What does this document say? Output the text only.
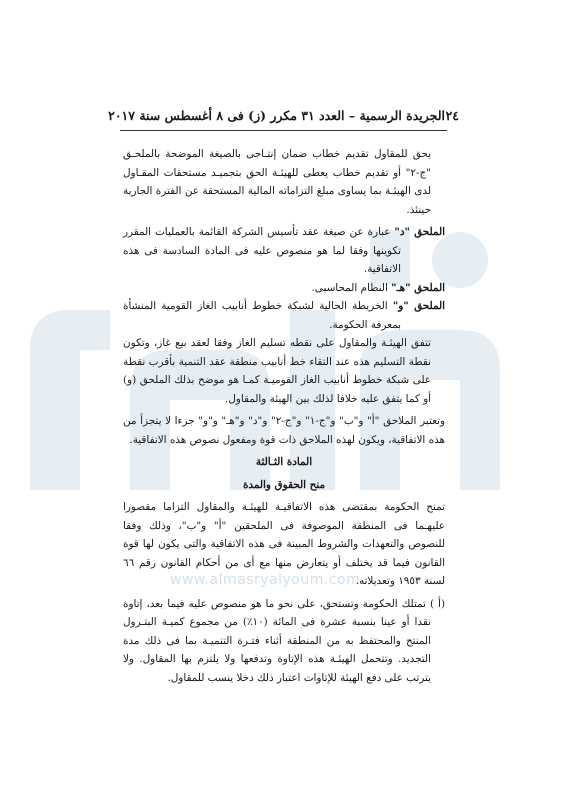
www.almasryalyoum.com
٢٤
الجريدة الرسمية – العدد ٣١ مكرر (ز) فى ٨ أغسطس سنة ٢٠١٧

يحق للمقاول تقديم خطاب ضمان إنتـاجى بالصيغة الموضحة بالملحـق "ج-٢" أو تقديم خطاب يعطى للهيئـة الحق بتجميـد مستحقات المقـاول لدى الهيئـة بما يساوى مبلغ التزاماته المالية المستحقة عن الفترة الجارية حينئذ.

الملحق "د" عبارة عن صيغة عقد تأسيس الشركة القائمة بالعمليات المقرر تكوينها وفقا لما هو منصوص عليه فى المادة السادسة فى هذه الاتفاقية.

الملحق "هـ" النظام المحاسبى.

الملحق "و" الخريطة الحالية لشبكة خطوط أنابيب الغاز القومية المنشأة بمعرفة الحكومة.

تتفق الهيئـة والمقاول على نقطه تسليم الغاز وفقا لعقد بيع غاز، وتكون نقطة التسليم هذه عند التقاء خط أنابيب منطقة عقد التنمية بأقرب نقطة على شبكة خطوط أنابيب الغاز القوميـة كمـا هو موضح بذلك الملحق (و) أو كما يتفق عليه خلافا لذلك بين الهيئة والمقاول.

وتعتبر الملاحق "أ" و"ب" و"ج-١" و"ج-٢" و"د" و"هـ" و"و" جزءا لا يتجزأ من هذه الاتفاقية، ويكون لهذه الملاحق ذات قوة ومفعول نصوص هذه الاتفاقية.

المادة الثـالثة

منح الحقوق والمدة

تمنح الحكومة بمقتضى هذه الاتفاقيـة للهيئـة والمقاول التزاما مقصورا عليهـما فى المنطقة الموصوفة فى الملحقين "أ" و"ب"، وذلك وفقا للنصوص والتعهدات والشروط المبينة فى هذه الاتفاقية والتى يكون لها قوة القانون فيما قد يختلف أو يتعارض منها مع أى من أحكام القانون رقم ٦٦ لسنة ١٩٥٣ وتعديلاته.

(أ ) تمتلك الحكومة وتستحق، على نحو ما هو منصوص عليه فيما بعد، إتاوة نقدا أو عينا بنسبة عشرة فى المائة (١٠٪) من مجموع كميـة البتـرول المنتج والمحتفظ به من المنطقة أثناء فتـرة التنميـة بما فى ذلك مدة التجديد. وتتحمل الهيئـة هذه الإتاوة وتدفعها ولا يلتزم بها المقاول. ولا يترتب على دفع الهيئة للإتاوات اعتبار ذلك دخلا ينسب للمقاول.
